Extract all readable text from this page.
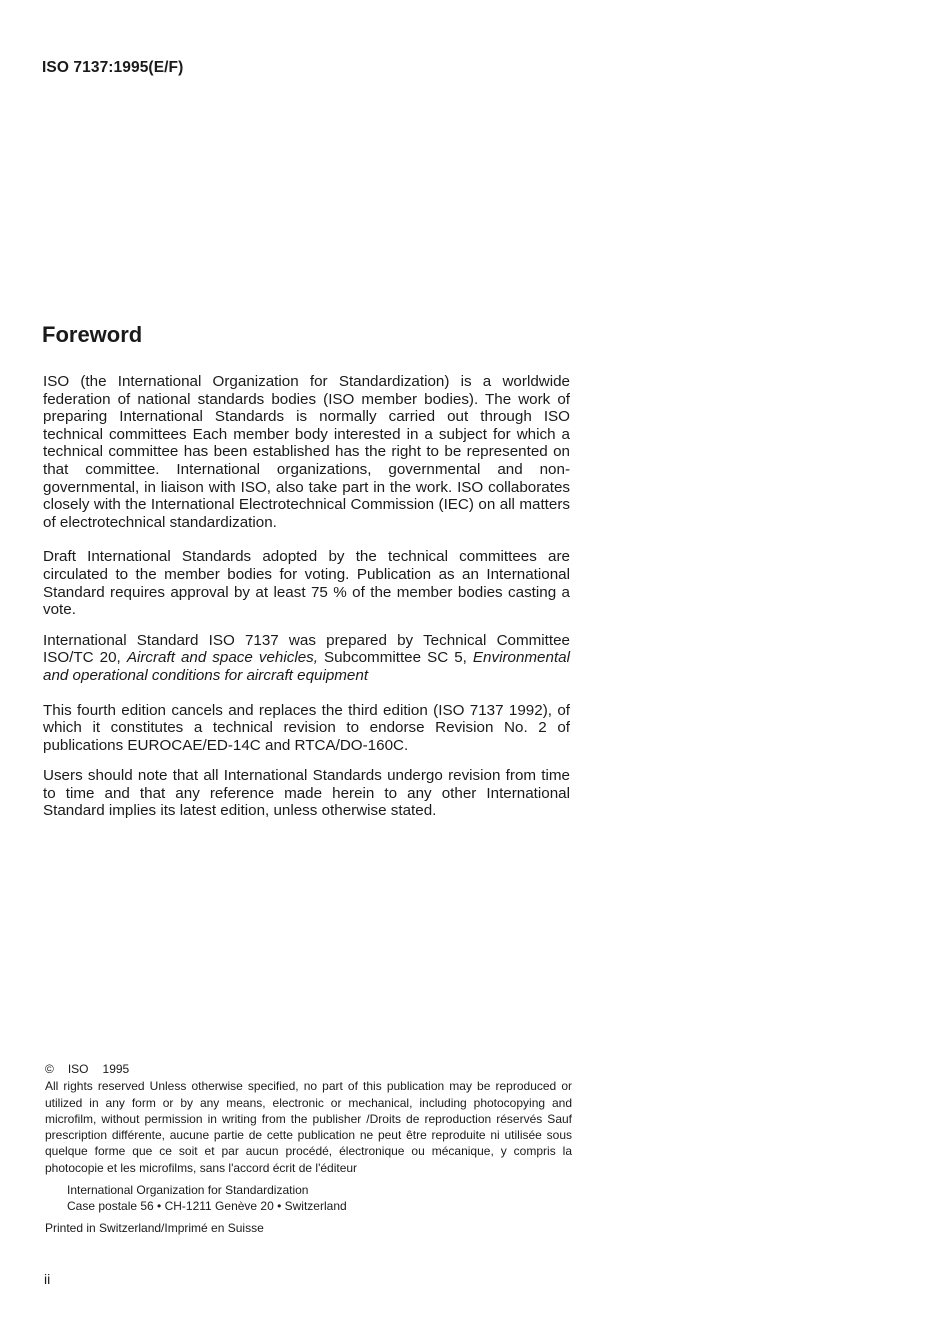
ISO 7137:1995(E/F)
Foreword

ISO (the International Organization for Standardization) is a worldwide federation of national standards bodies (ISO member bodies). The work of preparing International Standards is normally carried out through ISO technical committees Each member body interested in a subject for which a technical committee has been established has the right to be represented on that committee. International organizations, governmental and non-governmental, in liaison with ISO, also take part in the work. ISO collaborates closely with the International Electrotechnical Commission (IEC) on all matters of electrotechnical standardization.

Draft International Standards adopted by the technical committees are circulated to the member bodies for voting. Publication as an International Standard requires approval by at least 75 % of the member bodies casting a vote.

International Standard ISO 7137 was prepared by Technical Committee ISO/TC 20, Aircraft and space vehicles, Subcommittee SC 5, Environmental and operational conditions for aircraft equipment

This fourth edition cancels and replaces the third edition (ISO 7137 1992), of which it constitutes a technical revision to endorse Revision No. 2 of publications EUROCAE/ED-14C and RTCA/DO-160C.

Users should note that all International Standards undergo revision from time to time and that any reference made herein to any other International Standard implies its latest edition, unless otherwise stated.

© ISO 1995
All rights reserved Unless otherwise specified, no part of this publication may be reproduced or utilized in any form or by any means, electronic or mechanical, including photocopying and microfilm, without permission in writing from the publisher /Droits de reproduction réservés Sauf prescription différente, aucune partie de cette publication ne peut être reproduite ni utilisée sous quelque forme que ce soit et par aucun procédé, électronique ou mécanique, y compris la photocopie et les microfilms, sans l'accord écrit de l'éditeur
International Organization for Standardization
Case postale 56 • CH-1211 Genève 20 • Switzerland
Printed in Switzerland/Imprimé en Suisse
ii
